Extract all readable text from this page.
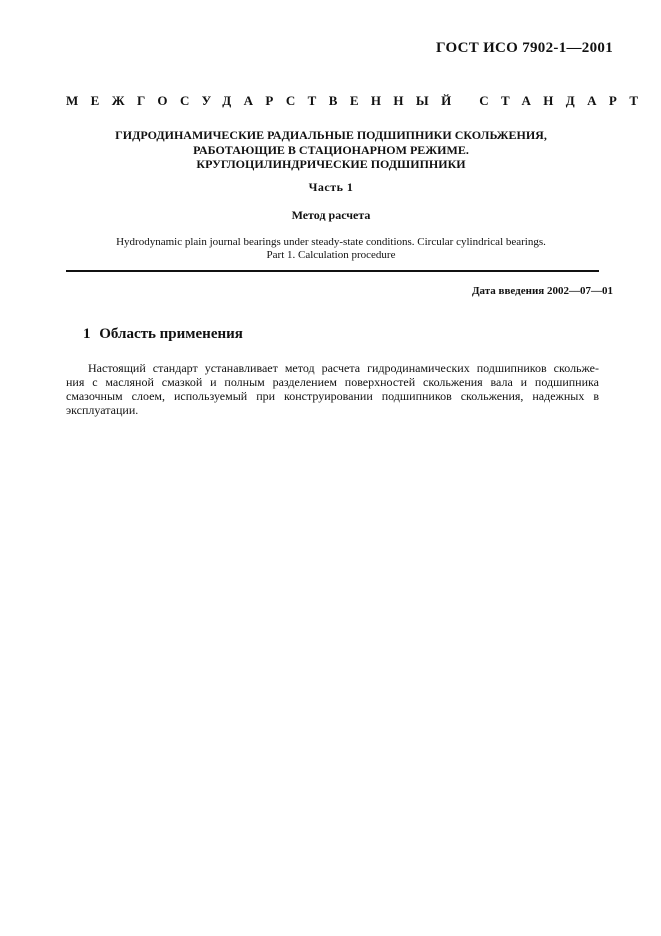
ГОСТ ИСО 7902-1—2001
МЕЖГОСУДАРСТВЕННЫЙ СТАНДАРТ
ГИДРОДИНАМИЧЕСКИЕ РАДИАЛЬНЫЕ ПОДШИПНИКИ СКОЛЬЖЕНИЯ,
РАБОТАЮЩИЕ В СТАЦИОНАРНОМ РЕЖИМЕ.
КРУГЛОЦИЛИНДРИЧЕСКИЕ ПОДШИПНИКИ
Часть 1
Метод расчета
Hydrodynamic plain journal bearings under steady-state conditions. Circular cylindrical bearings.
Part 1. Calculation procedure
Дата введения 2002—07—01
1 Область применения
Настоящий стандарт устанавливает метод расчета гидродинамических подшипников скольже-
ния с масляной смазкой и полным разделением поверхностей скольжения вала и подшипника
смазочным слоем, используемый при конструировании подшипников скольжения, надежных в
эксплуатации.
